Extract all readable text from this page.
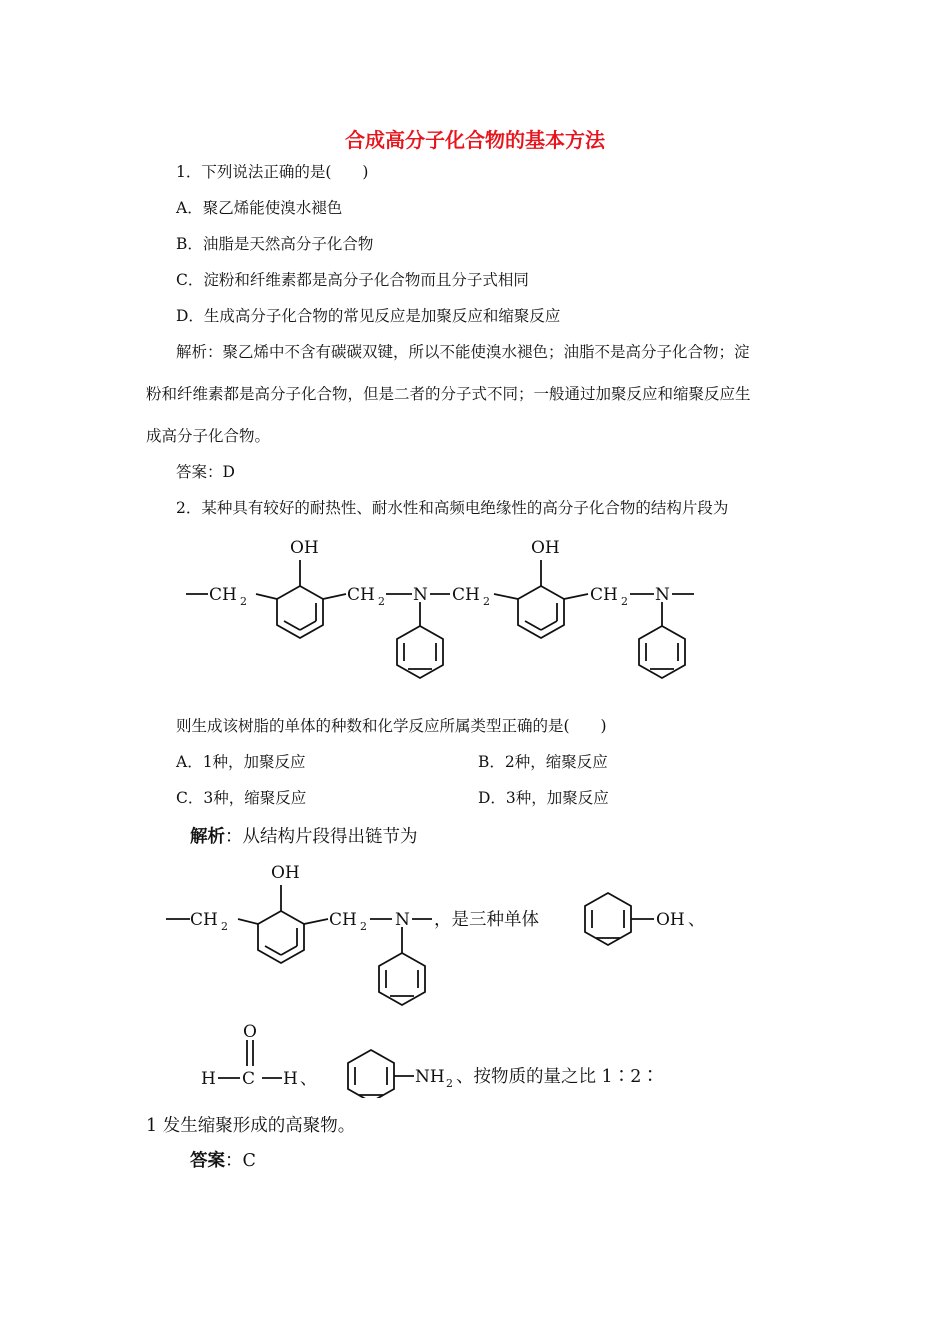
合成高分子化合物的基本方法
1．下列说法正确的是(　　)
A．聚乙烯能使溴水褪色
B．油脂是天然高分子化合物
C．淀粉和纤维素都是高分子化合物而且分子式相同
D．生成高分子化合物的常见反应是加聚反应和缩聚反应
解析：聚乙烯中不含有碳碳双键，所以不能使溴水褪色；油脂不是高分子化合物；淀
粉和纤维素都是高分子化合物，但是二者的分子式不同；一般通过加聚反应和缩聚反应生
成高分子化合物。
答案：D
2．某种具有较好的耐热性、耐水性和高频电绝缘性的高分子化合物的结构片段为
OH
CH 2	CH 2 N CH 2
OH
CH 2 N
则生成该树脂的单体的种数和化学反应所属类型正确的是(　　)
A．1种，加聚反应	B．2种，缩聚反应
C．3种，缩聚反应	D．3种，加聚反应
解析：从结构片段得出链节为
OH
CH 2	CH 2 N ，是三种单体	OH 、
O
H C H 、	NH 2 、按物质的量之比 1∶2∶
1 发生缩聚形成的高聚物。
答案：C
